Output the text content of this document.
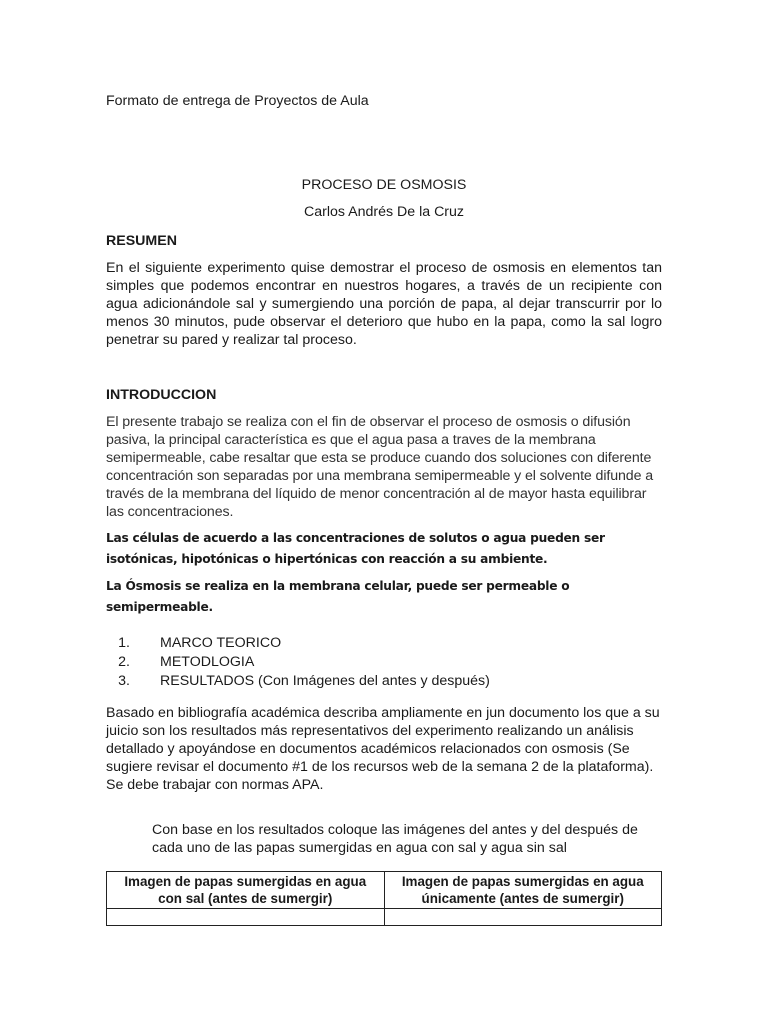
Formato de entrega de Proyectos de Aula
PROCESO DE OSMOSIS
Carlos Andrés De la Cruz
RESUMEN
En el siguiente experimento quise demostrar el proceso de osmosis en elementos tan simples que podemos encontrar en nuestros hogares, a través de un recipiente con agua adicionándole sal y sumergiendo una porción de papa, al dejar transcurrir por lo menos 30 minutos, pude observar el deterioro que hubo en la papa, como la sal logro penetrar su pared y realizar tal proceso.
INTRODUCCION
El presente trabajo se realiza con el fin de observar el proceso de osmosis o difusión pasiva, la principal característica es que el agua pasa a traves de la membrana semipermeable, cabe resaltar que esta se produce cuando dos soluciones con diferente concentración son separadas por una membrana semipermeable y el solvente difunde a través de la membrana del líquido de menor concentración al de mayor hasta equilibrar las concentraciones.
Las células de acuerdo a las concentraciones de solutos o agua pueden ser isotónicas, hipotónicas o hipertónicas con reacción a su ambiente.
La Ósmosis se realiza en la membrana celular, puede ser permeable o semipermeable.
1. MARCO TEORICO
2. METODLOGIA
3. RESULTADOS (Con Imágenes del antes y después)
Basado en bibliografía académica describa ampliamente en jun documento los que a su juicio son los resultados más representativos del experimento realizando un análisis detallado y apoyándose en documentos académicos relacionados con osmosis (Se sugiere revisar el documento #1 de los recursos web de la semana 2 de la plataforma). Se debe trabajar con normas APA.
Con base en los resultados coloque las imágenes del antes y del después de cada uno de las papas sumergidas en agua con sal y agua sin sal
Imagen de papas sumergidas en agua con sal (antes de sumergir)	Imagen de papas sumergidas en agua únicamente (antes de sumergir)
